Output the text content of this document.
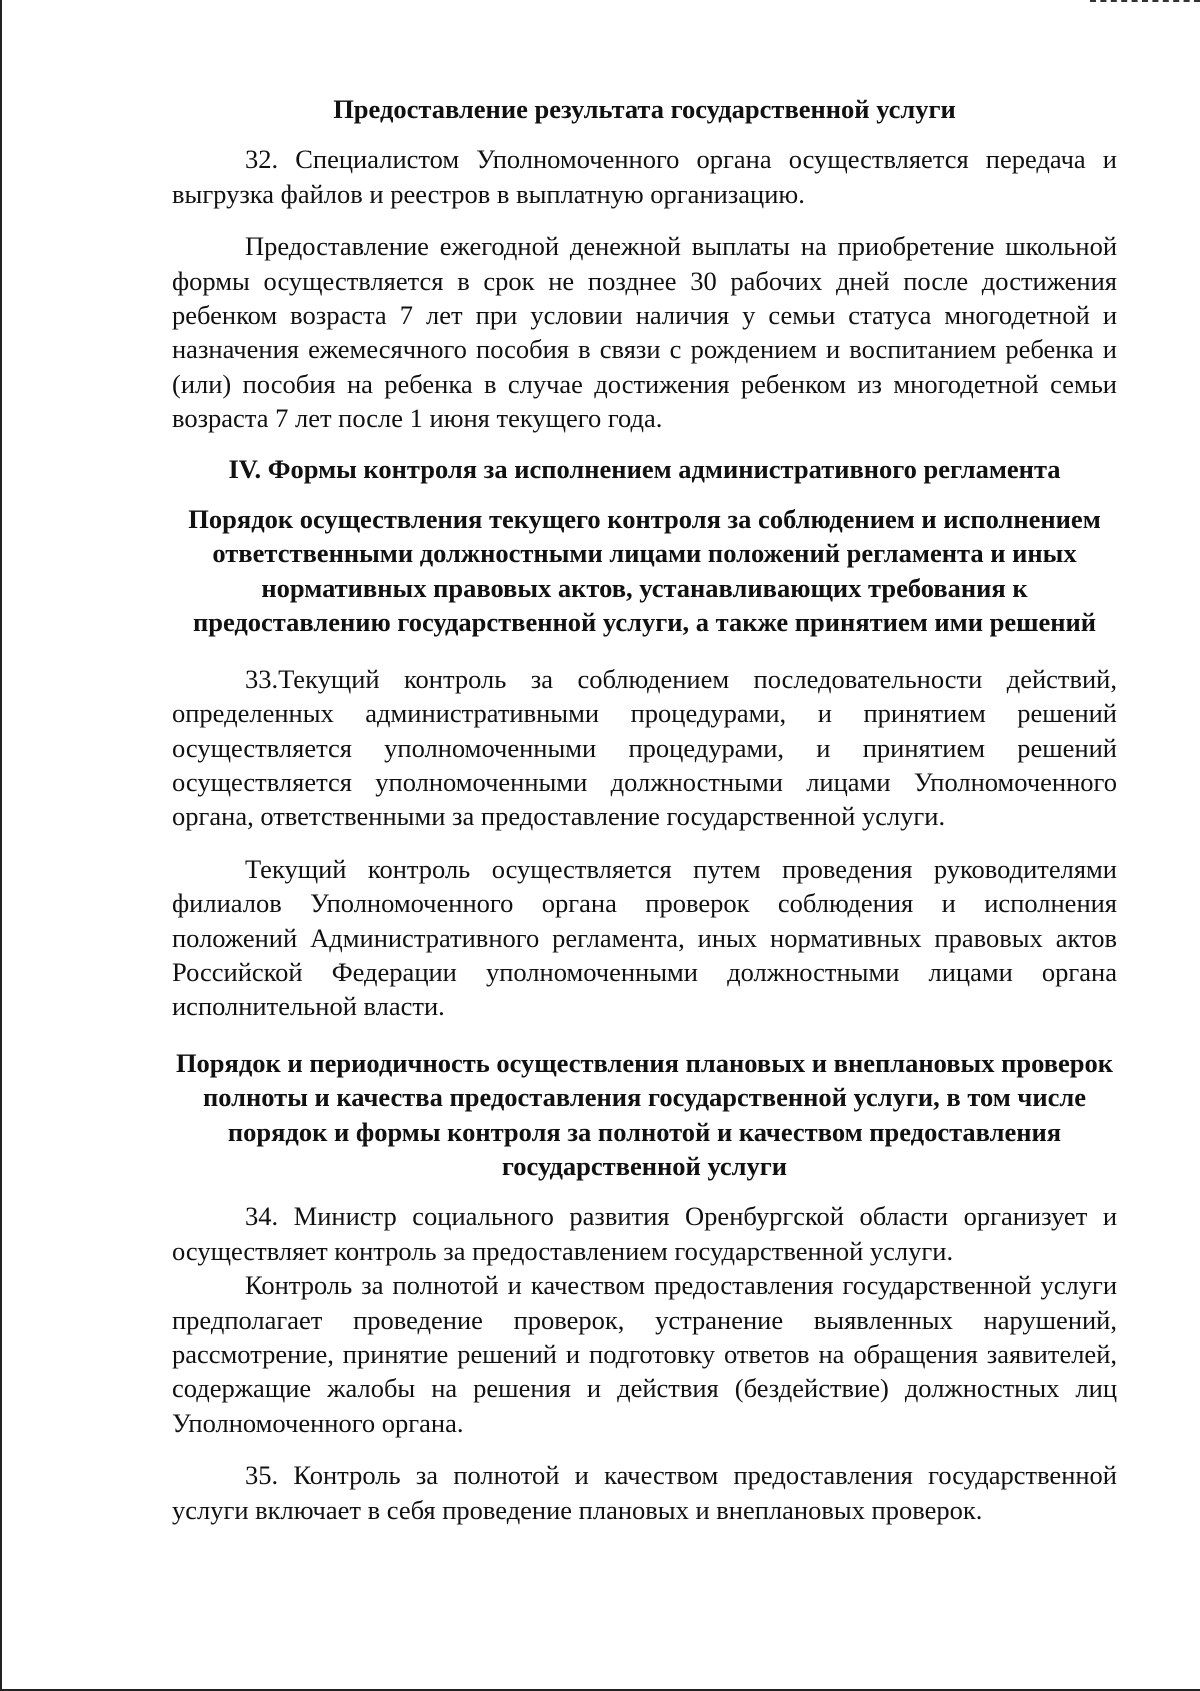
Предоставление результата государственной услуги

32. Специалистом Уполномоченного органа осуществляется передача и выгрузка файлов и реестров в выплатную организацию.

Предоставление ежегодной денежной выплаты на приобретение школьной формы осуществляется в срок не позднее 30 рабочих дней после достижения ребенком возраста 7 лет при условии наличия у семьи статуса многодетной и назначения ежемесячного пособия в связи с рождением и воспитанием ребенка и (или) пособия на ребенка в случае достижения ребенком из многодетной семьи возраста 7 лет после 1 июня текущего года.

IV. Формы контроля за исполнением административного регламента

Порядок осуществления текущего контроля за соблюдением и исполнением ответственными должностными лицами положений регламента и иных нормативных правовых актов, устанавливающих требования к предоставлению государственной услуги, а также принятием ими решений

33.Текущий контроль за соблюдением последовательности действий, определенных административными процедурами, и принятием решений осуществляется уполномоченными процедурами, и принятием решений осуществляется уполномоченными должностными лицами Уполномоченного органа, ответственными за предоставление государственной услуги.

Текущий контроль осуществляется путем проведения руководителями филиалов Уполномоченного органа проверок соблюдения и исполнения положений Административного регламента, иных нормативных правовых актов Российской Федерации уполномоченными должностными лицами органа исполнительной власти.

Порядок и периодичность осуществления плановых и внеплановых проверок полноты и качества предоставления государственной услуги, в том числе порядок и формы контроля за полнотой и качеством предоставления государственной услуги

34. Министр социального развития Оренбургской области организует и осуществляет контроль за предоставлением государственной услуги.

Контроль за полнотой и качеством предоставления государственной услуги предполагает проведение проверок, устранение выявленных нарушений, рассмотрение, принятие решений и подготовку ответов на обращения заявителей, содержащие жалобы на решения и действия (бездействие) должностных лиц Уполномоченного органа.

35. Контроль за полнотой и качеством предоставления государственной услуги включает в себя проведение плановых и внеплановых проверок.
